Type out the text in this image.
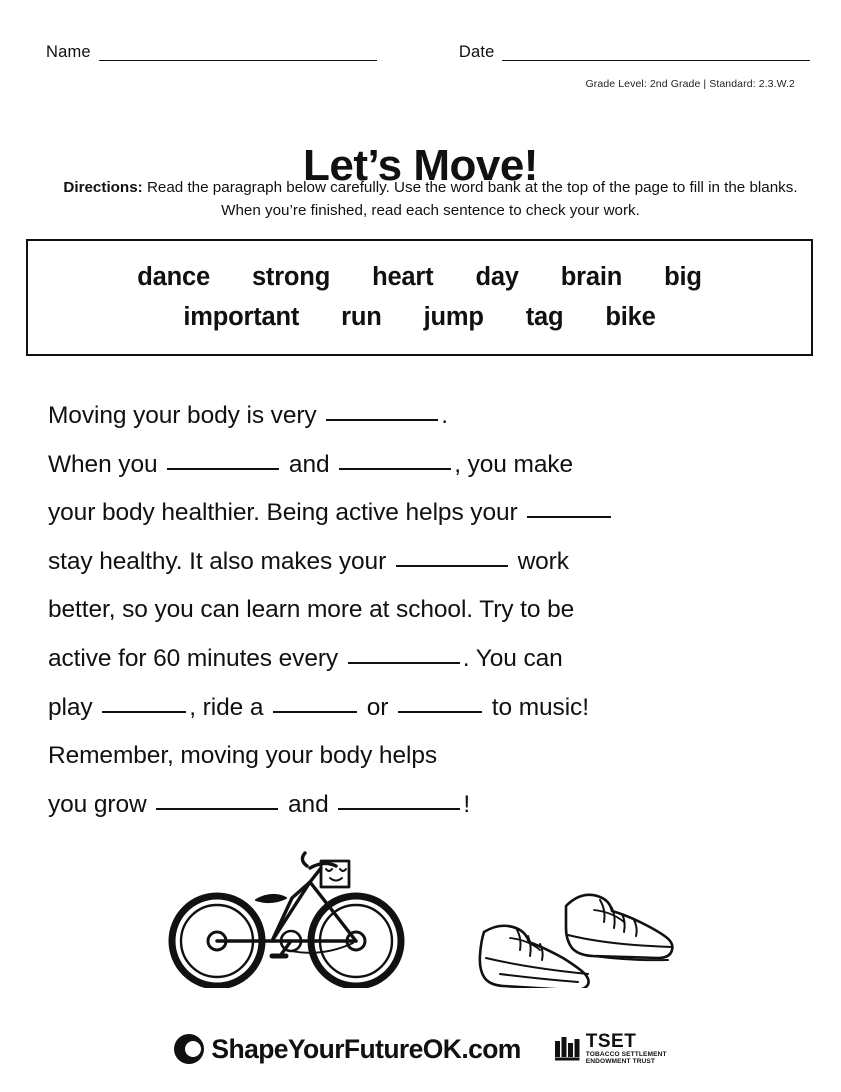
Name	Date
Grade Level: 2nd Grade | Standard: 2.3.W.2
Let’s Move!
Directions: Read the paragraph below carefully. Use the word bank at the top of the page to fill in the blanks. When you’re finished, read each sentence to check your work.
dance strong heart day brain big
important run jump tag bike
Moving your body is very	.
When you	and	, you make
your body healthier. Being active helps your
stay healthy. It also makes your	work
better, so you can learn more at school. Try to be
active for 60 minutes every	. You can
play	, ride a	or	to music!
Remember, moving your body helps
you grow	and	!
ShapeYourFutureOK.com	TSET
TOBACCO SETTLEMENT
ENDOWMENT TRUST
